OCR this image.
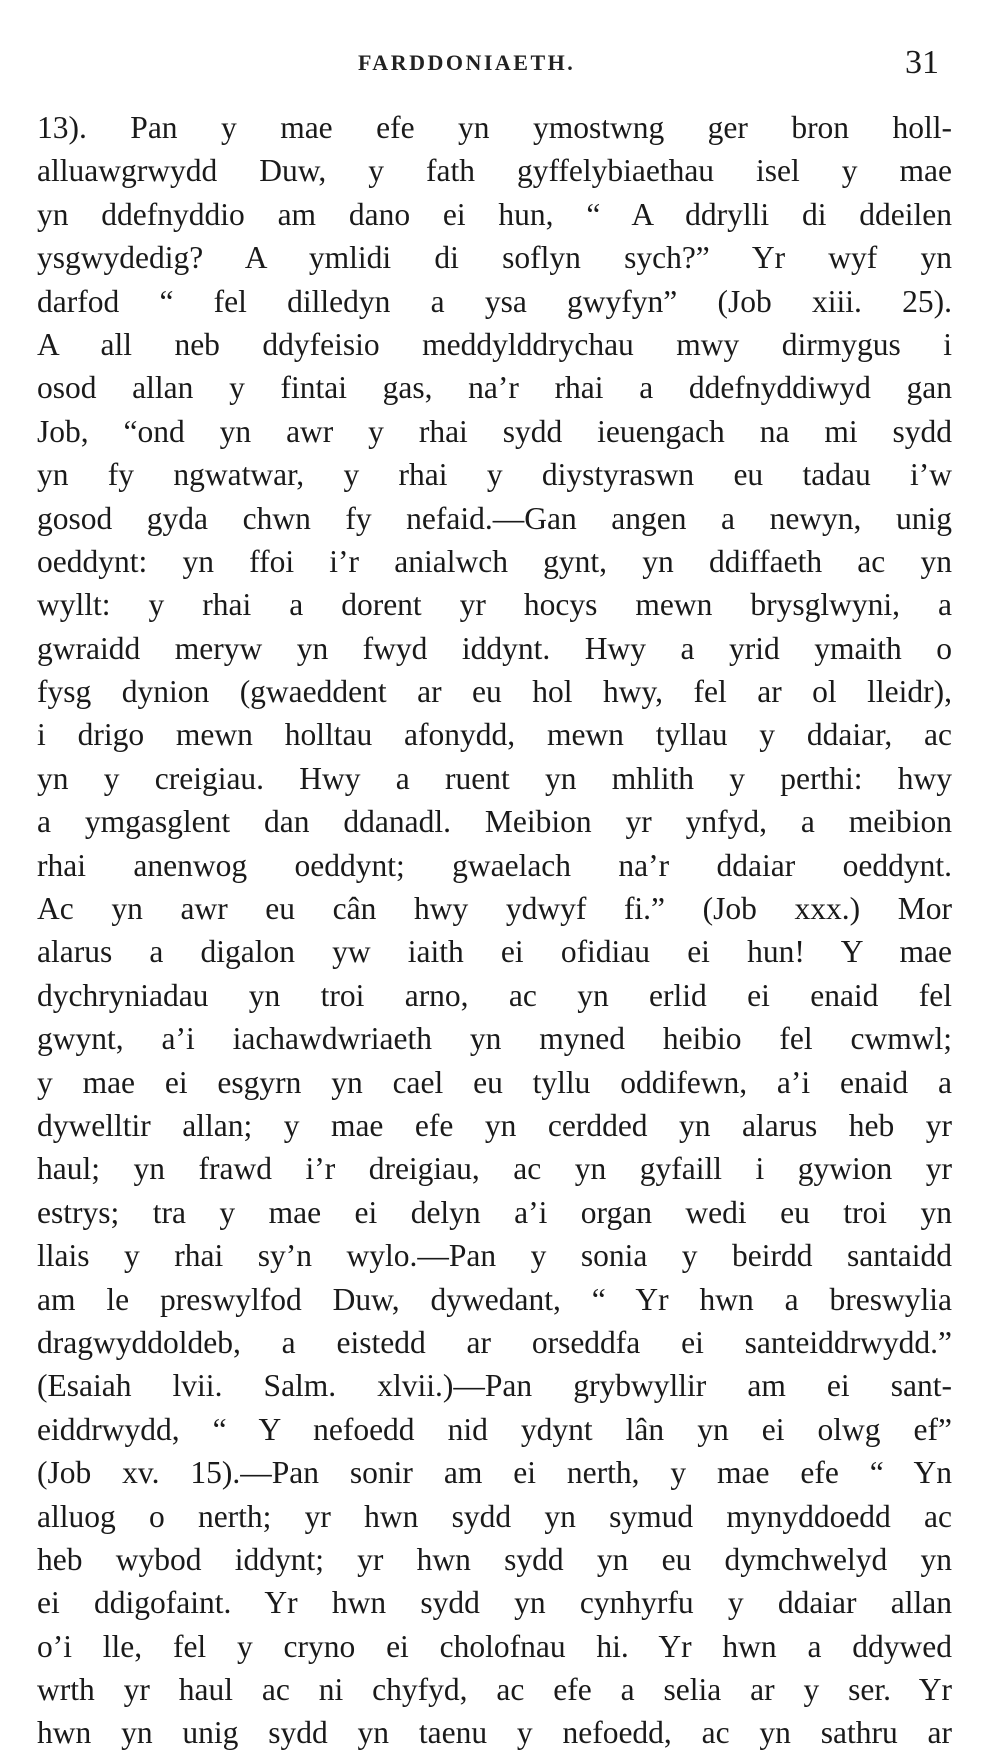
FARDDONIAETH.	31
13). Pan y mae efe yn ymostwng ger bron holl-
alluawgrwydd Duw, y fath gyffelybiaethau isel y mae
yn ddefnyddio am dano ei hun, “ A ddrylli di ddeilen
ysgwydedig? A ymlidi di soflyn sych?” Yr wyf yn
darfod “ fel dilledyn a ysa gwyfyn” (Job xiii. 25).
A all neb ddyfeisio meddylddrychau mwy dirmygus i
osod allan y fintai gas, na’r rhai a ddefnyddiwyd gan
Job, “ond yn awr y rhai sydd ieuengach na mi sydd
yn fy ngwatwar, y rhai y diystyraswn eu tadau i’w
gosod gyda chwn fy nefaid.—Gan angen a newyn, unig
oeddynt: yn ffoi i’r anialwch gynt, yn ddiffaeth ac yn
wyllt: y rhai a dorent yr hocys mewn brysglwyni, a
gwraidd meryw yn fwyd iddynt. Hwy a yrid ymaith o
fysg dynion (gwaeddent ar eu hol hwy, fel ar ol lleidr),
i drigo mewn holltau afonydd, mewn tyllau y ddaiar, ac
yn y creigiau. Hwy a ruent yn mhlith y perthi: hwy
a ymgasglent dan ddanadl. Meibion yr ynfyd, a meibion
rhai anenwog oeddynt; gwaelach na’r ddaiar oeddynt.
Ac yn awr eu cân hwy ydwyf fi.” (Job xxx.) Mor
alarus a digalon yw iaith ei ofidiau ei hun! Y mae
dychryniadau yn troi arno, ac yn erlid ei enaid fel
gwynt, a’i iachawdwriaeth yn myned heibio fel cwmwl;
y mae ei esgyrn yn cael eu tyllu oddifewn, a’i enaid a
dywelltir allan; y mae efe yn cerdded yn alarus heb yr
haul; yn frawd i’r dreigiau, ac yn gyfaill i gywion yr
estrys; tra y mae ei delyn a’i organ wedi eu troi yn
llais y rhai sy’n wylo.—Pan y sonia y beirdd santaidd
am le preswylfod Duw, dywedant, “ Yr hwn a breswylia
dragwyddoldeb, a eistedd ar orseddfa ei santeiddrwydd.”
(Esaiah lvii. Salm. xlvii.)—Pan grybwyllir am ei sant-
eiddrwydd, “ Y nefoedd nid ydynt lân yn ei olwg ef”
(Job xv. 15).—Pan sonir am ei nerth, y mae efe “ Yn
alluog o nerth; yr hwn sydd yn symud mynyddoedd ac
heb wybod iddynt; yr hwn sydd yn eu dymchwelyd yn
ei ddigofaint. Yr hwn sydd yn cynhyrfu y ddaiar allan
o’i lle, fel y cryno ei cholofnau hi. Yr hwn a ddywed
wrth yr haul ac ni chyfyd, ac efe a selia ar y ser. Yr
hwn yn unig sydd yn taenu y nefoedd, ac yn sathru ar
